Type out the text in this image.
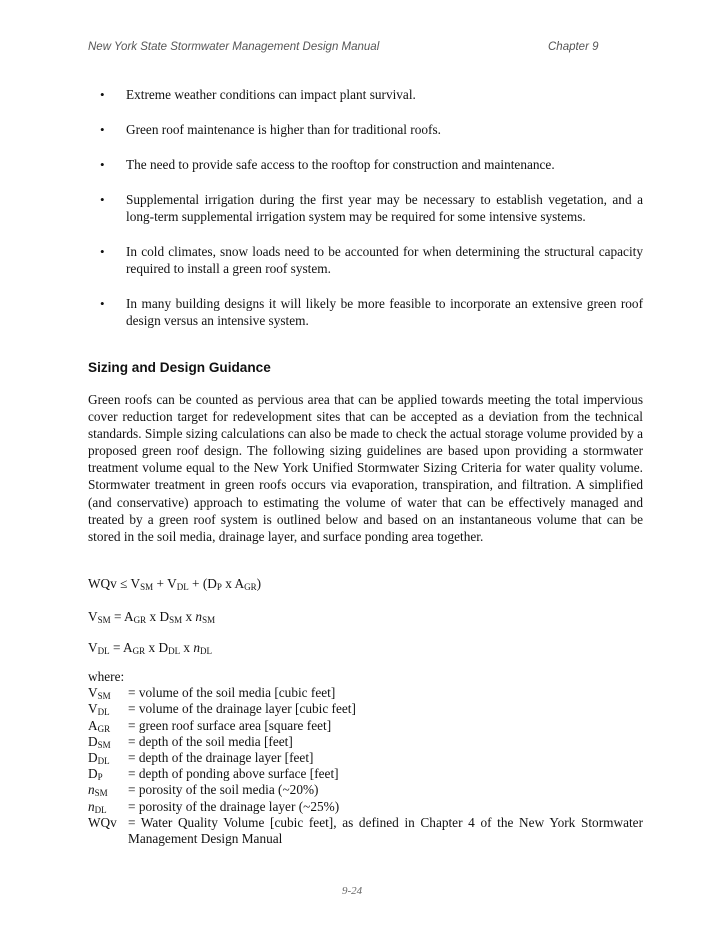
New York State Stormwater Management Design Manual	Chapter 9
• Extreme weather conditions can impact plant survival.
• Green roof maintenance is higher than for traditional roofs.
• The need to provide safe access to the rooftop for construction and maintenance.
• Supplemental irrigation during the first year may be necessary to establish vegetation, and a long-term supplemental irrigation system may be required for some intensive systems.
• In cold climates, snow loads need to be accounted for when determining the structural capacity required to install a green roof system.
• In many building designs it will likely be more feasible to incorporate an extensive green roof design versus an intensive system.
Sizing and Design Guidance

Green roofs can be counted as pervious area that can be applied towards meeting the total impervious cover reduction target for redevelopment sites that can be accepted as a deviation from the technical standards. Simple sizing calculations can also be made to check the actual storage volume provided by a proposed green roof design. The following sizing guidelines are based upon providing a stormwater treatment volume equal to the New York Unified Stormwater Sizing Criteria for water quality volume. Stormwater treatment in green roofs occurs via evaporation, transpiration, and filtration. A simplified (and conservative) approach to estimating the volume of water that can be effectively managed and treated by a green roof system is outlined below and based on an instantaneous volume that can be stored in the soil media, drainage layer, and surface ponding area together.

WQv ≤ $V_{SM} + V_{DL} + (D_P$ x $A_{GR}$)
$V_{SM} = A_{GR}$ x $D_{SM}$ x $n_{SM}$
$V_{DL} = A_{GR}$ x $D_{DL}$ x $n_{DL}$
where:
$V_{SM}$ = volume of the soil media [cubic feet]
$V_{DL}$ = volume of the drainage layer [cubic feet]
$A_{GR}$ = green roof surface area [square feet]
$D_{SM}$ = depth of the soil media [feet]
$D_{DL}$ = depth of the drainage layer [feet]
$D_P$ = depth of ponding above surface [feet]
$n_{SM}$ = porosity of the soil media (~20%)
$n_{DL}$ = porosity of the drainage layer (~25%)
WQv = Water Quality Volume [cubic feet], as defined in Chapter 4 of the New York Stormwater Management Design Manual
9-24
